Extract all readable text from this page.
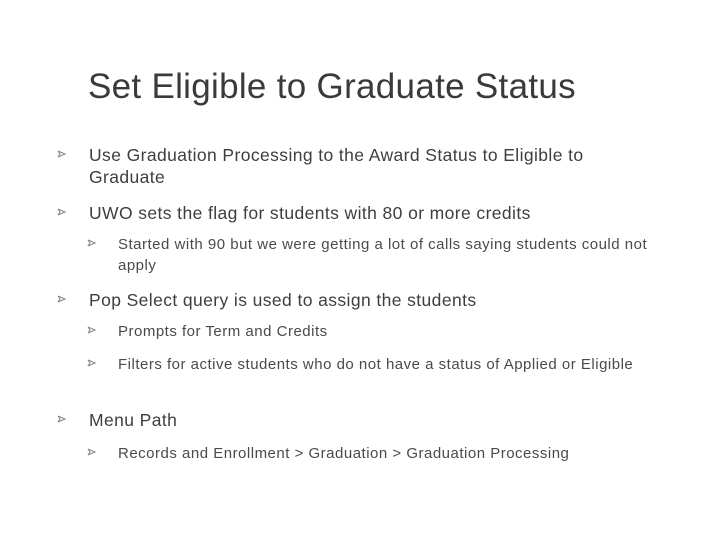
Set Eligible to Graduate Status
Use Graduation Processing to the Award Status to Eligible to Graduate
UWO sets the flag for students with 80 or more credits
Started with 90 but we were getting a lot of calls saying students could not apply
Pop Select query is used to assign the students
Prompts for Term and Credits
Filters for active students who do not have a status of Applied or Eligible
Menu Path
Records and Enrollment > Graduation > Graduation Processing
